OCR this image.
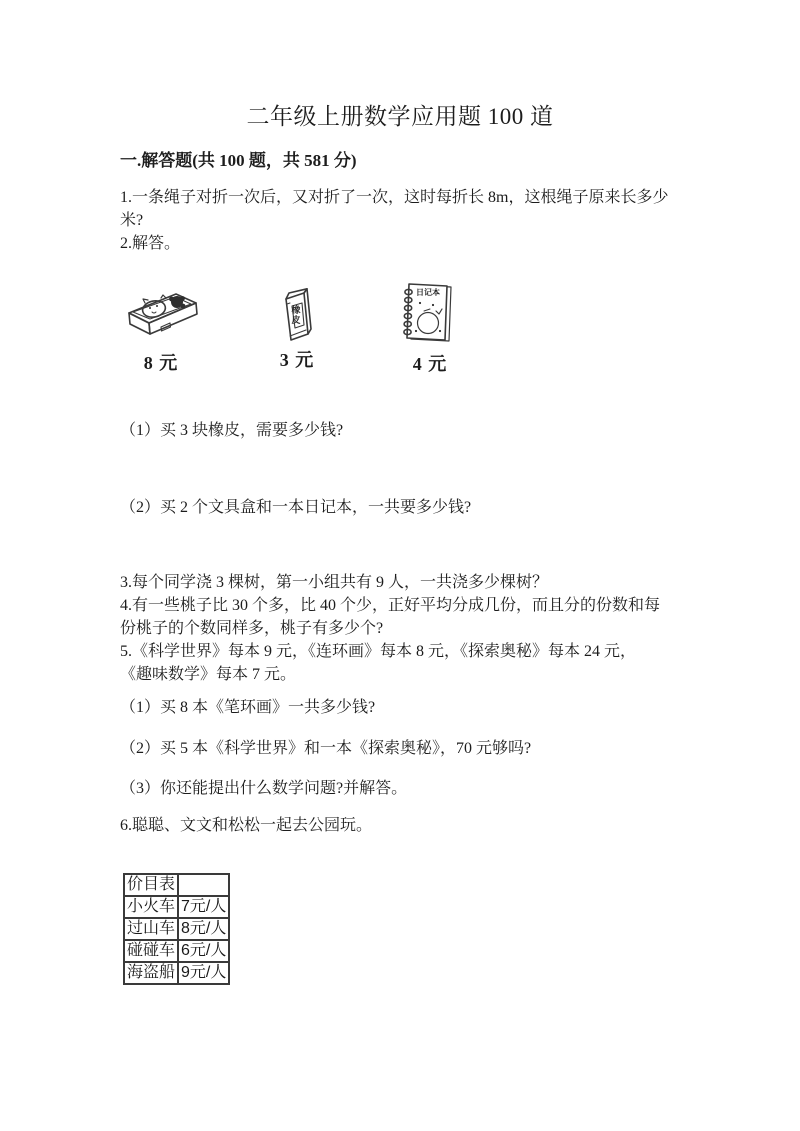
二年级上册数学应用题 100 道
一.解答题(共 100 题，共 581 分)
1.一条绳子对折一次后，又对折了一次，这时每折长 8m，这根绳子原来长多少
米?
2.解答。
8 元
橡皮
3 元
日记本
4 元
（1）买 3 块橡皮，需要多少钱?
（2）买 2 个文具盒和一本日记本，一共要多少钱?
3.每个同学浇 3 棵树，第一小组共有 9 人，一共浇多少棵树？
4.有一些桃子比 30 个多，比 40 个少，正好平均分成几份，而且分的份数和每
份桃子的个数同样多，桃子有多少个?
5.《科学世界》每本 9 元，《连环画》每本 8 元，《探索奥秘》每本 24 元，
《趣味数学》每本 7 元。
（1）买 8 本《笔环画》一共多少钱?
（2）买 5 本《科学世界》和一本《探索奥秘》，70 元够吗?
（3）你还能提出什么数学问题?并解答。
6.聪聪、文文和松松一起去公园玩。
价目表	
小火车	7元/人
过山车	8元/人
碰碰车	6元/人
海盗船	9元/人
